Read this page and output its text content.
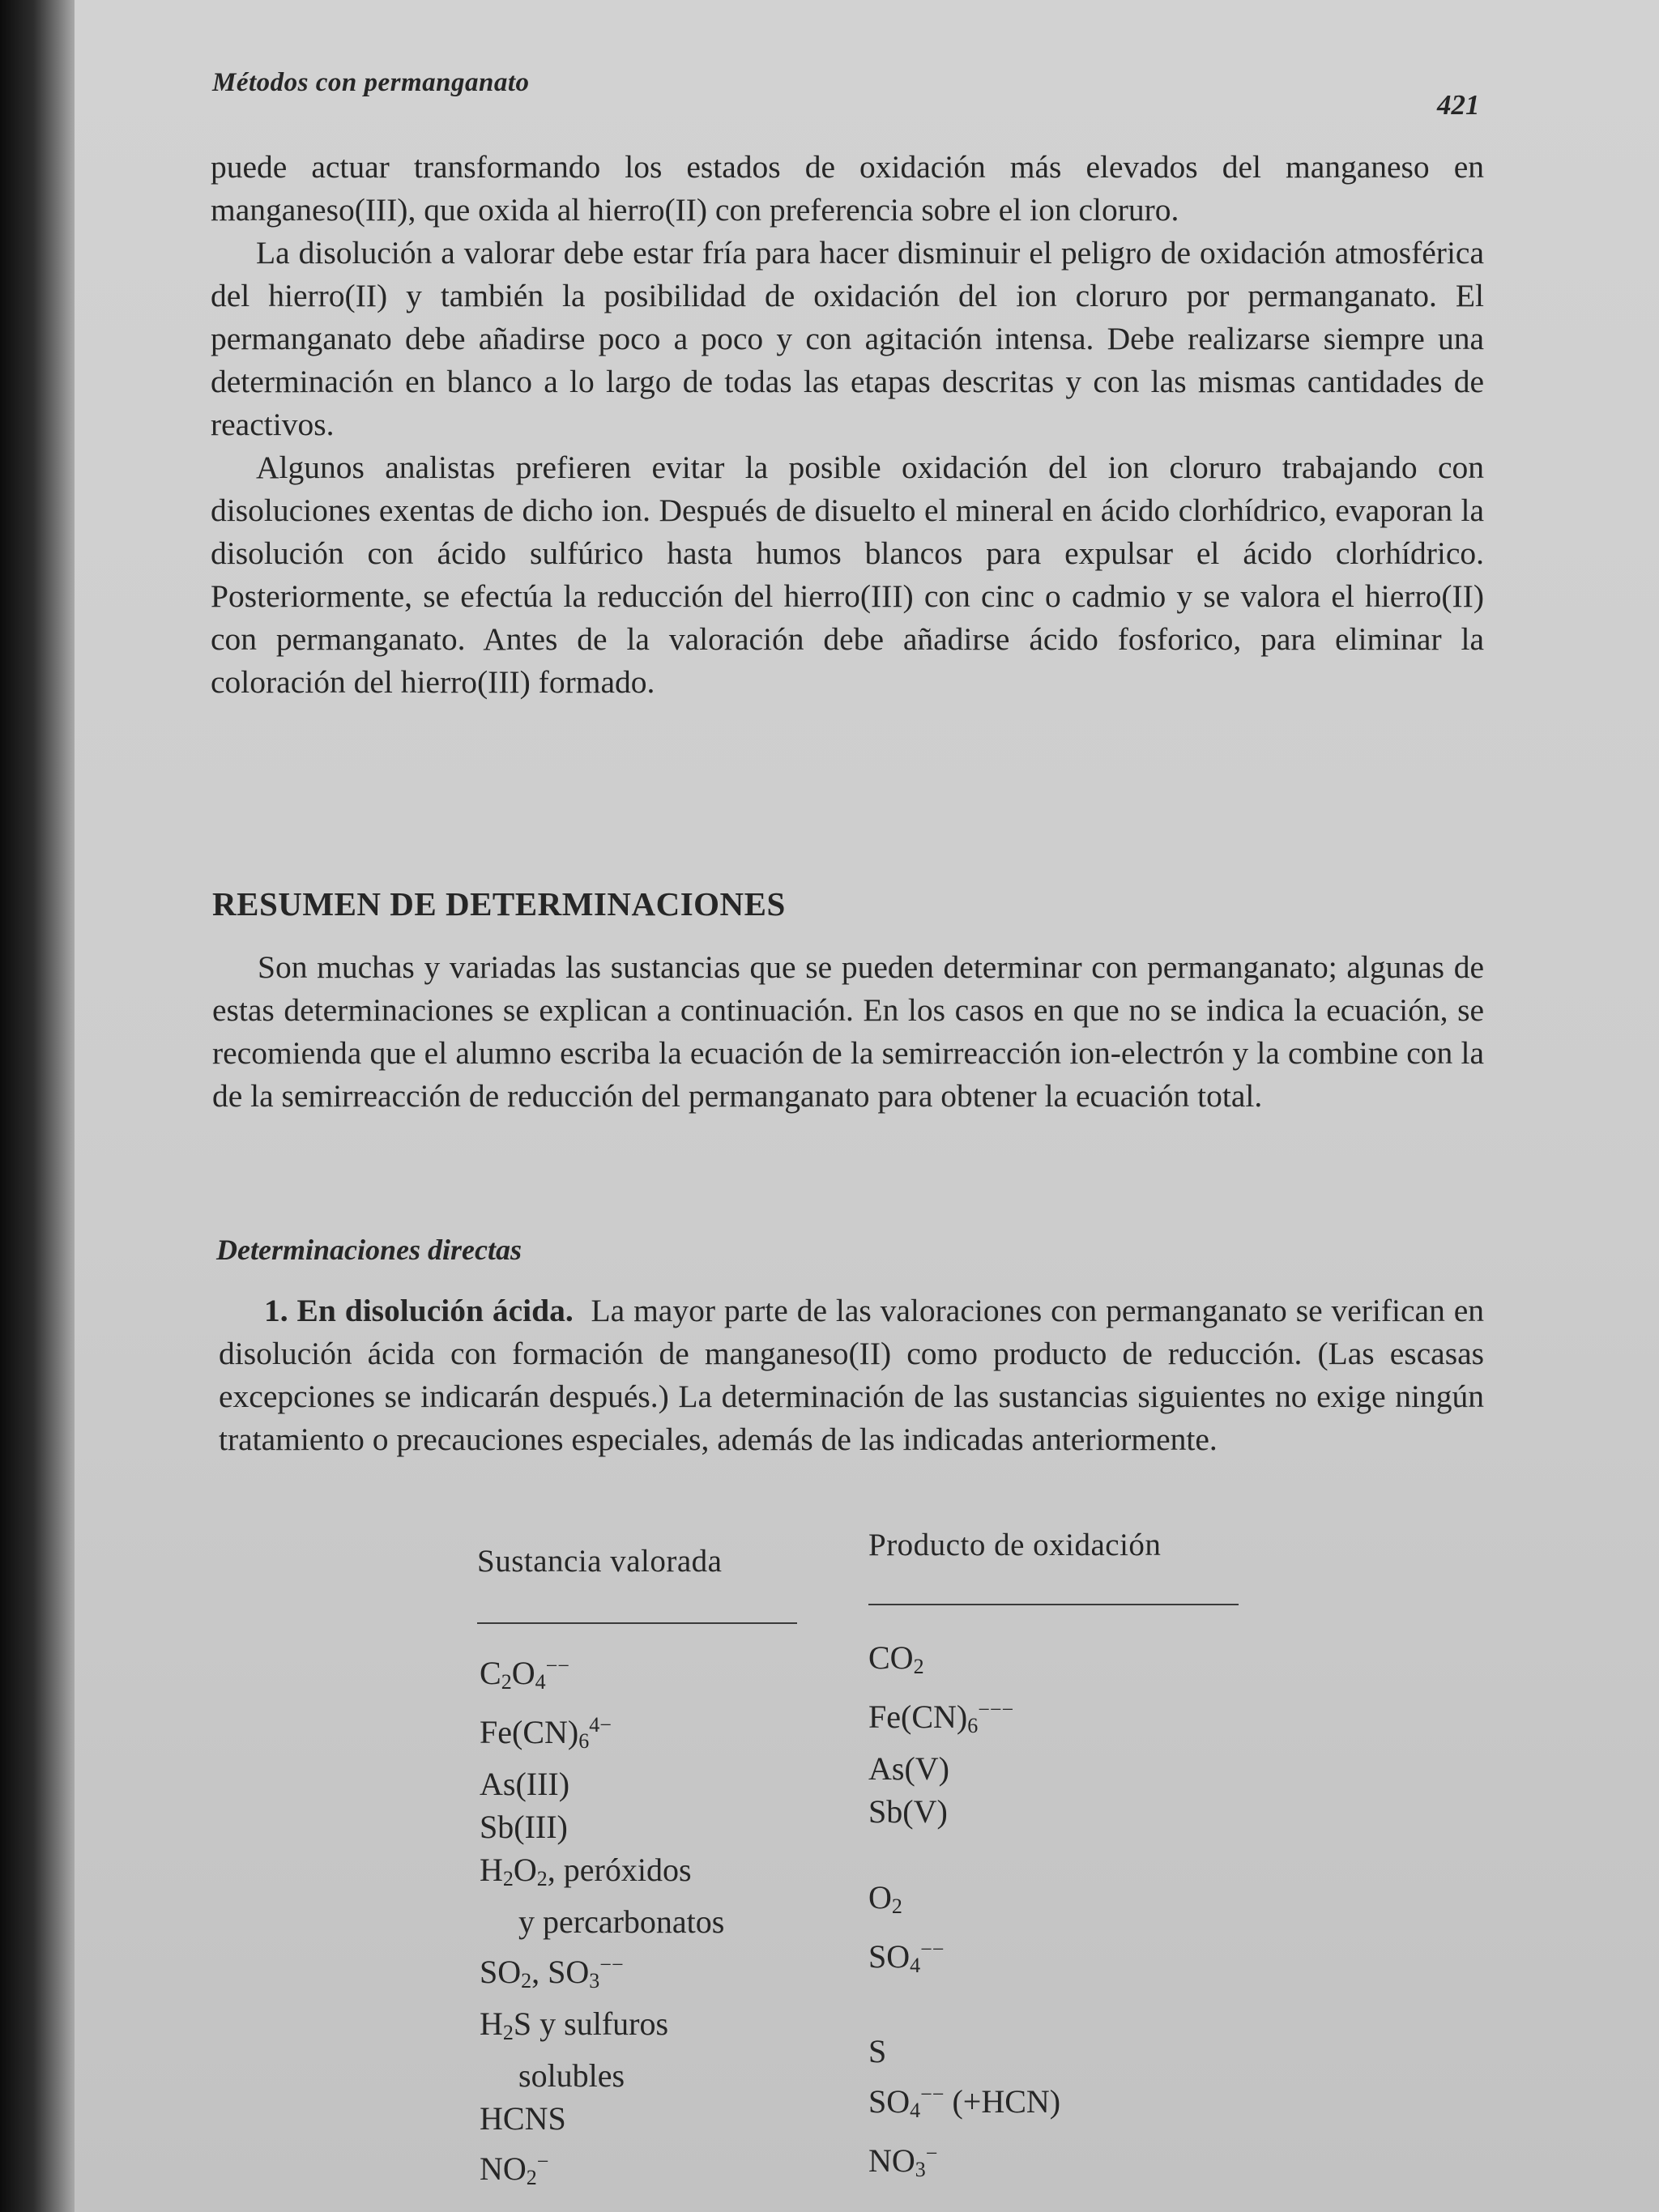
Métodos con permanganato
421

puede actuar transformando los estados de oxidación más elevados del manganeso en manganeso(III), que oxida al hierro(II) con preferencia sobre el ion cloruro.

La disolución a valorar debe estar fría para hacer disminuir el peligro de oxidación atmosférica del hierro(II) y también la posibilidad de oxidación del ion cloruro por permanganato. El permanganato debe añadirse poco a poco y con agitación intensa. Debe realizarse siempre una determinación en blanco a lo largo de todas las etapas descritas y con las mismas cantidades de reactivos.

Algunos analistas prefieren evitar la posible oxidación del ion cloruro trabajando con disoluciones exentas de dicho ion. Después de disuelto el mineral en ácido clorhídrico, evaporan la disolución con ácido sulfúrico hasta humos blancos para expulsar el ácido clorhídrico. Posteriormente, se efectúa la reducción del hierro(III) con cinc o cadmio y se valora el hierro(II) con permanganato. Antes de la valoración debe añadirse ácido fosforico, para eliminar la coloración del hierro(III) formado.

RESUMEN DE DETERMINACIONES

Son muchas y variadas las sustancias que se pueden determinar con permanganato; algunas de estas determinaciones se explican a continuación. En los casos en que no se indica la ecuación, se recomienda que el alumno escriba la ecuación de la semirreacción ion-electrón y la combine con la de la semirreacción de reducción del permanganato para obtener la ecuación total.

Determinaciones directas

1. En disolución ácida. La mayor parte de las valoraciones con permanganato se verifican en disolución ácida con formación de manganeso(II) como producto de reducción. (Las escasas excepciones se indicarán después.) La determinación de las sustancias siguientes no exige ningún tratamiento o precauciones especiales, además de las indicadas anteriormente.

Sustancia valorada	Producto de oxidación
$C_2O_4^{--}$
$Fe(CN)_6^{4-}$
As(III)
Sb(III)
$H_2O_2$, peróxidos
y percarbonatos
$SO_2$, $SO_3^{--}$
$H_2S$ y sulfuros
solubles
HCNS
$NO_2^-$
$CO_2$
$Fe(CN)_6^{---}$
As(V)
Sb(V)
$O_2$
$SO_4^{--}$
S
$SO_4^{--}$ (+HCN)
$NO_3^-$
